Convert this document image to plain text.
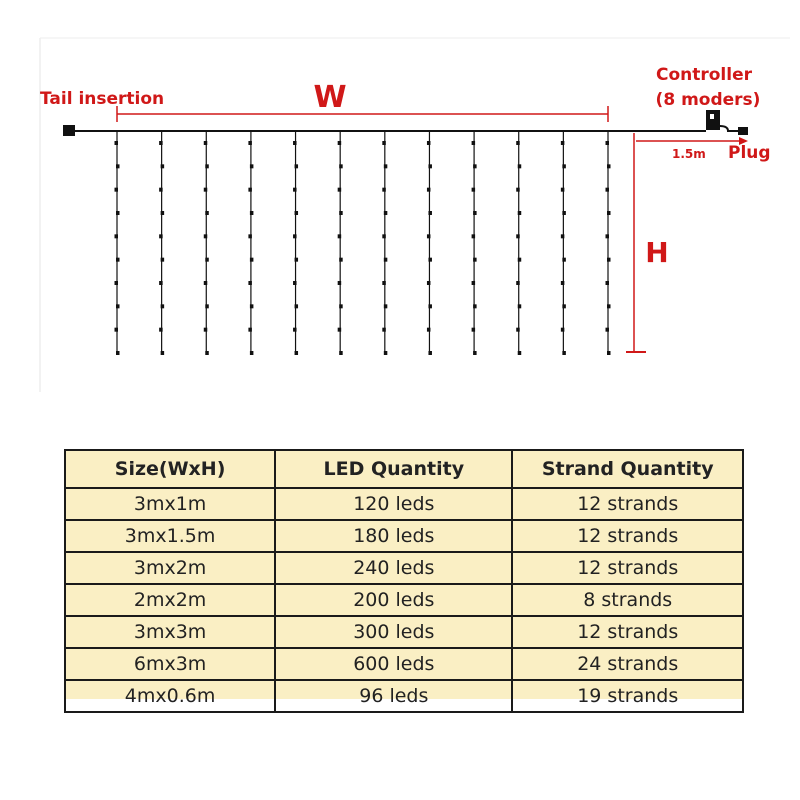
Tail insertion	W
H
Controller
(8 moders)
1.5m Plug
Size(WxH)	LED Quantity	Strand Quantity
3mx1m	120 leds	12 strands
3mx1.5m	180 leds	12 strands
3mx2m	240 leds	12 strands
2mx2m	200 leds	8 strands
3mx3m	300 leds	12 strands
6mx3m	600 leds	24 strands
4mx0.6m	96 leds	19 strands
